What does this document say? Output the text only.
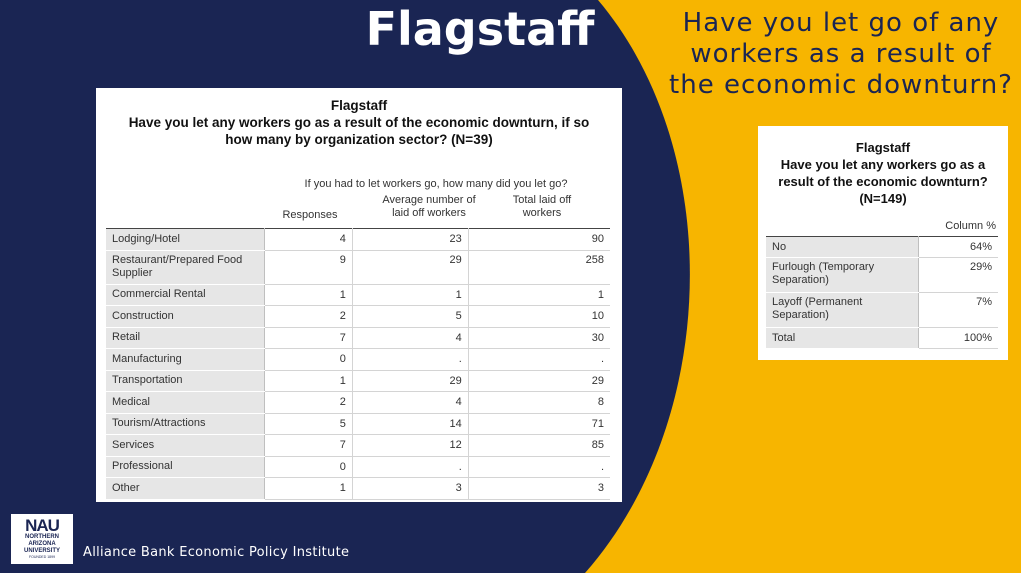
Flagstaff	Have you let go of any workers as a result of the economic downturn?
Flagstaff
Have you let any workers go as a result of the economic downturn, if so how many by organization sector? (N=39)
If you had to let workers go, how many did you let go?
Responses
Average number of laid off workers
Total laid off workers
Lodging/Hotel	4	23	90
Restaurant/Prepared Food Supplier	9	29	258
Commercial Rental	1	1	1
Construction	2	5	10
Retail	7	4	30
Manufacturing	0	.	.
Transportation	1	29	29
Medical	2	4	8
Tourism/Attractions	5	14	71
Services	7	12	85
Professional	0	.	.
Other	1	3	3
Flagstaff
Have you let any workers go as a result of the economic downturn? (N=149)
Column %
No	64%
Furlough (Temporary Separation)	29%
Layoff (Permanent Separation)	7%
Total	100%
NAU
NORTHERN
ARIZONA
UNIVERSITY
FOUNDED 1899	Alliance Bank Economic Policy Institute
